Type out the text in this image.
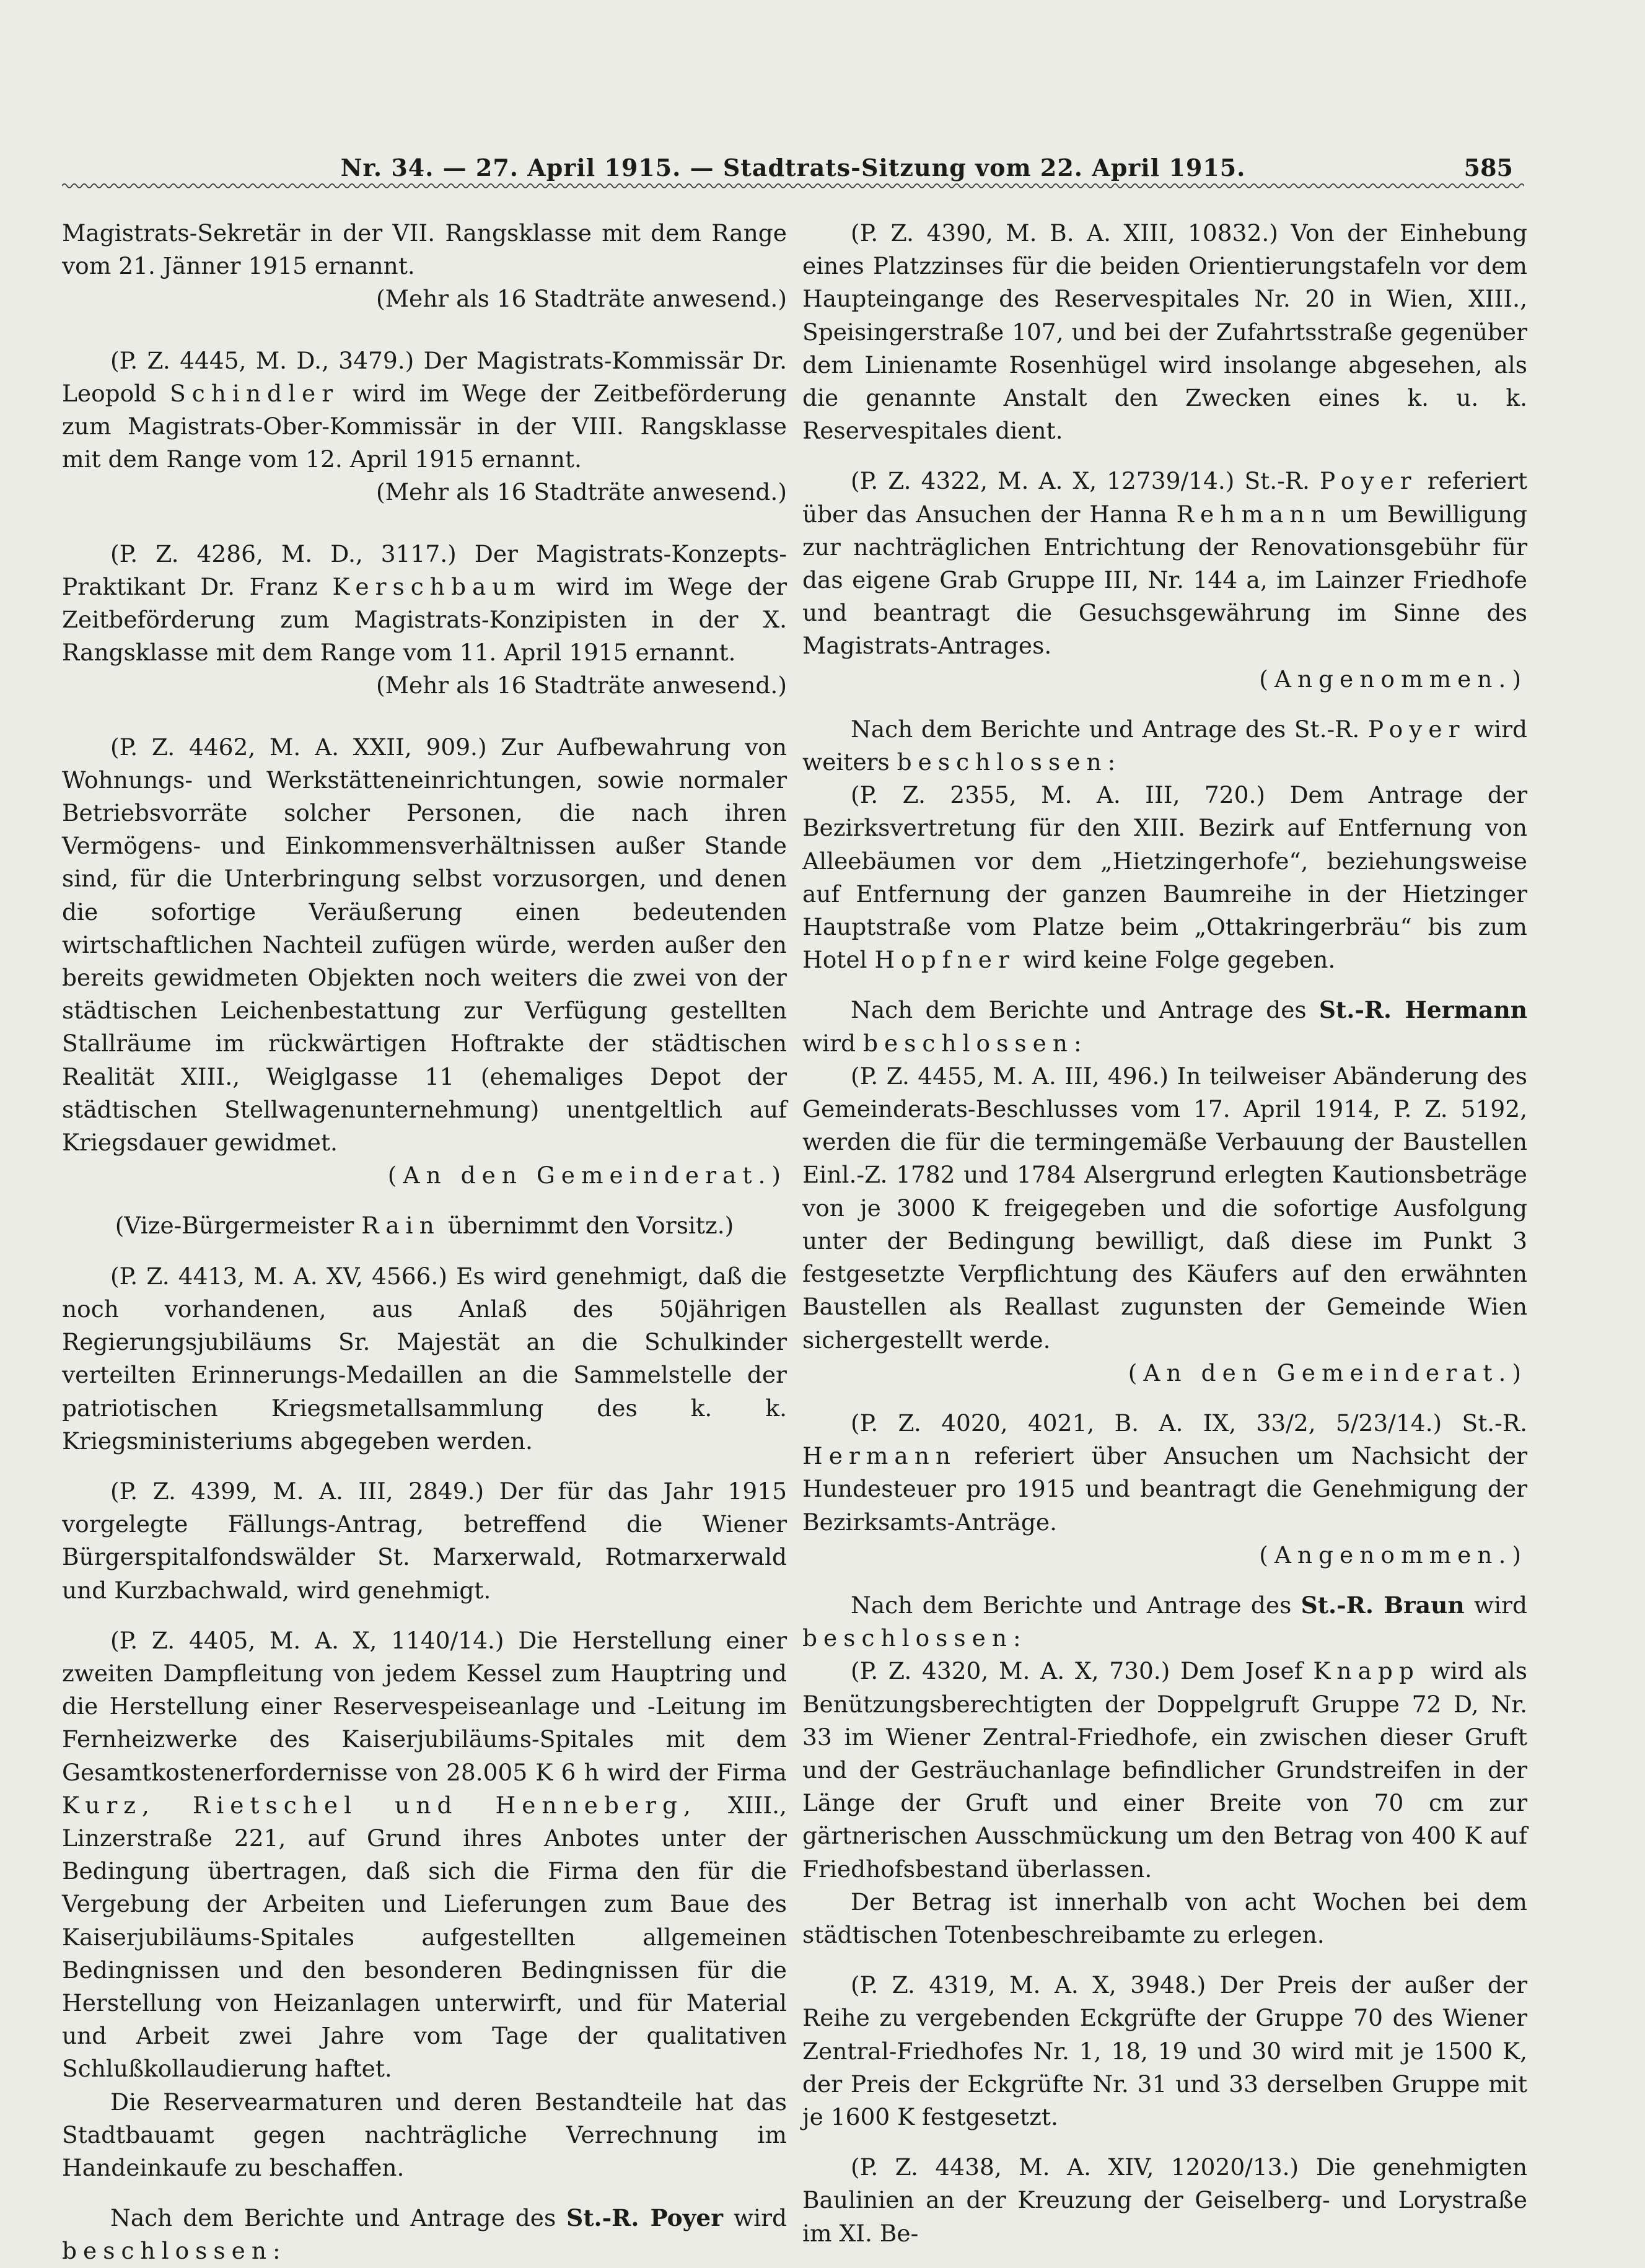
Nr. 34. — 27. April 1915. — Stadtrats-Sitzung vom 22. April 1915.	585

Magistrats-Sekretär in der VII. Rangsklasse mit dem Range vom 21. Jänner 1915 ernannt.

(Mehr als 16 Stadträte anwesend.)

(P. Z. 4445, M. D., 3479.) Der Magistrats-Kommissär Dr. Leopold Schindler wird im Wege der Zeitbeförderung zum Magistrats-Ober-Kommissär in der VIII. Rangsklasse mit dem Range vom 12. April 1915 ernannt.

(Mehr als 16 Stadträte anwesend.)

(P. Z. 4286, M. D., 3117.) Der Magistrats-Konzepts-Praktikant Dr. Franz Kerschbaum wird im Wege der Zeitbeförderung zum Magistrats-Konzipisten in der X. Rangsklasse mit dem Range vom 11. April 1915 ernannt.

(Mehr als 16 Stadträte anwesend.)

(P. Z. 4462, M. A. XXII, 909.) Zur Aufbewahrung von Wohnungs- und Werkstätteneinrichtungen, sowie normaler Betriebsvorräte solcher Personen, die nach ihren Vermögens- und Einkommensverhältnissen außer Stande sind, für die Unterbringung selbst vorzusorgen, und denen die sofortige Veräußerung einen bedeutenden wirtschaftlichen Nachteil zufügen würde, werden außer den bereits gewidmeten Objekten noch weiters die zwei von der städtischen Leichenbestattung zur Verfügung gestellten Stallräume im rückwärtigen Hoftrakte der städtischen Realität XIII., Weiglgasse 11 (ehemaliges Depot der städtischen Stellwagenunternehmung) unentgeltlich auf Kriegsdauer gewidmet.

(An den Gemeinderat.)

(Vize-Bürgermeister Rain übernimmt den Vorsitz.)

(P. Z. 4413, M. A. XV, 4566.) Es wird genehmigt, daß die noch vorhandenen, aus Anlaß des 50jährigen Regierungsjubiläums Sr. Majestät an die Schulkinder verteilten Erinnerungs-Medaillen an die Sammelstelle der patriotischen Kriegsmetallsammlung des k. k. Kriegsministeriums abgegeben werden.

(P. Z. 4399, M. A. III, 2849.) Der für das Jahr 1915 vorgelegte Fällungs-Antrag, betreffend die Wiener Bürgerspitalfondswälder St. Marxerwald, Rotmarxerwald und Kurzbachwald, wird genehmigt.

(P. Z. 4405, M. A. X, 1140/14.) Die Herstellung einer zweiten Dampfleitung von jedem Kessel zum Hauptring und die Herstellung einer Reservespeiseanlage und -Leitung im Fernheizwerke des Kaiserjubiläums-Spitales mit dem Gesamtkostenerfordernisse von 28.005 K 6 h wird der Firma Kurz, Rietschel und Henneberg, XIII., Linzerstraße 221, auf Grund ihres Anbotes unter der Bedingung übertragen, daß sich die Firma den für die Vergebung der Arbeiten und Lieferungen zum Baue des Kaiserjubiläums-Spitales aufgestellten allgemeinen Bedingnissen und den besonderen Bedingnissen für die Herstellung von Heizanlagen unterwirft, und für Material und Arbeit zwei Jahre vom Tage der qualitativen Schlußkollaudierung haftet.

Die Reservearmaturen und deren Bestandteile hat das Stadtbauamt gegen nachträgliche Verrechnung im Handeinkaufe zu beschaffen.

Nach dem Berichte und Antrage des St.-R. Poyer wird beschlossen:

(P. Z. 4390, M. B. A. XIII, 10832.) Von der Einhebung eines Platzzinses für die beiden Orientierungstafeln vor dem Haupteingange des Reservespitales Nr. 20 in Wien, XIII., Speisingerstraße 107, und bei der Zufahrtsstraße gegenüber dem Linienamte Rosenhügel wird insolange abgesehen, als die genannte Anstalt den Zwecken eines k. u. k. Reservespitales dient.

(P. Z. 4322, M. A. X, 12739/14.) St.-R. Poyer referiert über das Ansuchen der Hanna Rehmann um Bewilligung zur nachträglichen Entrichtung der Renovationsgebühr für das eigene Grab Gruppe III, Nr. 144 a, im Lainzer Friedhofe und beantragt die Gesuchsgewährung im Sinne des Magistrats-Antrages.

(Angenommen.)

Nach dem Berichte und Antrage des St.-R. Poyer wird weiters beschlossen:

(P. Z. 2355, M. A. III, 720.) Dem Antrage der Bezirksvertretung für den XIII. Bezirk auf Entfernung von Alleebäumen vor dem „Hietzingerhofe“, beziehungsweise auf Entfernung der ganzen Baumreihe in der Hietzinger Hauptstraße vom Platze beim „Ottakringerbräu“ bis zum Hotel Hopfner wird keine Folge gegeben.

Nach dem Berichte und Antrage des St.-R. Hermann wird beschlossen:

(P. Z. 4455, M. A. III, 496.) In teilweiser Abänderung des Gemeinderats-Beschlusses vom 17. April 1914, P. Z. 5192, werden die für die termingemäße Verbauung der Baustellen Einl.-Z. 1782 und 1784 Alsergrund erlegten Kautionsbeträge von je 3000 K freigegeben und die sofortige Ausfolgung unter der Bedingung bewilligt, daß diese im Punkt 3 festgesetzte Verpflichtung des Käufers auf den erwähnten Baustellen als Reallast zugunsten der Gemeinde Wien sichergestellt werde.

(An den Gemeinderat.)

(P. Z. 4020, 4021, B. A. IX, 33/2, 5/23/14.) St.-R. Hermann referiert über Ansuchen um Nachsicht der Hundesteuer pro 1915 und beantragt die Genehmigung der Bezirksamts-Anträge.

(Angenommen.)

Nach dem Berichte und Antrage des St.-R. Braun wird beschlossen:

(P. Z. 4320, M. A. X, 730.) Dem Josef Knapp wird als Benützungsberechtigten der Doppelgruft Gruppe 72 D, Nr. 33 im Wiener Zentral-Friedhofe, ein zwischen dieser Gruft und der Gesträuchanlage befindlicher Grundstreifen in der Länge der Gruft und einer Breite von 70 cm zur gärtnerischen Ausschmückung um den Betrag von 400 K auf Friedhofsbestand überlassen.

Der Betrag ist innerhalb von acht Wochen bei dem städtischen Totenbeschreibamte zu erlegen.

(P. Z. 4319, M. A. X, 3948.) Der Preis der außer der Reihe zu vergebenden Eckgrüfte der Gruppe 70 des Wiener Zentral-Friedhofes Nr. 1, 18, 19 und 30 wird mit je 1500 K, der Preis der Eckgrüfte Nr. 31 und 33 derselben Gruppe mit je 1600 K festgesetzt.

(P. Z. 4438, M. A. XIV, 12020/13.) Die genehmigten Baulinien an der Kreuzung der Geiselberg- und Lorystraße im XI. Be-
